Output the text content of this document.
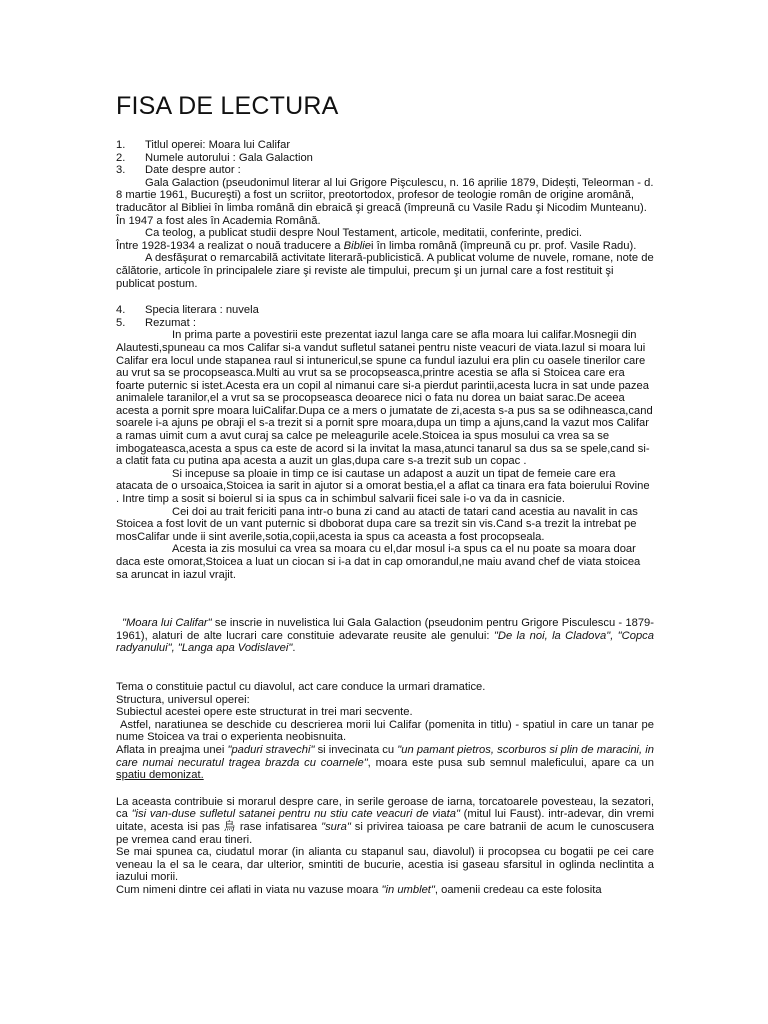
FISA DE LECTURA
1.	Titlul operei: Moara lui Califar
2.	Numele autorului : Gala Galaction
3.	Date despre autor :

Gala Galaction (pseudonimul literar al lui Grigore Pişculescu, n. 16 aprilie 1879, Didești, Teleorman - d. 8 martie 1961, Bucureşti) a fost un scriitor, preotortodox, profesor de teologie român de origine aromână, traducător al Bibliei în limba română din ebraică şi greacă (împreună cu Vasile Radu şi Nicodim Munteanu). În 1947 a fost ales în Academia Română.

Ca teolog, a publicat studii despre Noul Testament, articole, meditatii, conferinte, predici.

Între 1928-1934 a realizat o nouă traducere a Bibliei în limba română (împreună cu pr. prof. Vasile Radu).

A desfăşurat o remarcabilă activitate literară-publicistică. A publicat volume de nuvele, romane, note de călătorie, articole în principalele ziare şi reviste ale timpului, precum şi un jurnal care a fost restituit şi publicat postum.

4.	Specia literara : nuvela
5.	Rezumat :

In prima parte a povestirii este prezentat iazul langa care se afla moara lui califar.Mosnegii din Alautesti,spuneau ca mos Califar si-a vandut sufletul satanei pentru niste veacuri de viata.Iazul si moara lui Califar era locul unde stapanea raul si intunericul,se spune ca fundul iazului era plin cu oasele tinerilor care au vrut sa se procopseasca.Multi au vrut sa se procopseasca,printre acestia se afla si Stoicea care era foarte puternic si istet.Acesta era un copil al nimanui care si-a pierdut parintii,acesta lucra in sat unde pazea animalele taranilor,el a vrut sa se procopseasca deoarece nici o fata nu dorea un baiat sarac.De aceea acesta a pornit spre moara luiCalifar.Dupa ce a mers o jumatate de zi,acesta s-a pus sa se odihneasca,cand soarele i-a ajuns pe obraji el s-a trezit si a pornit spre moara,dupa un timp a ajuns,cand la vazut mos Califar a ramas uimit cum a avut curaj sa calce pe meleagurile acele.Stoicea ia spus mosului ca vrea sa se imbogateasca,acesta a spus ca este de acord si la invitat la masa,atunci tanarul sa dus sa se spele,cand si-a clatit fata cu putina apa acesta a auzit un glas,dupa care s-a trezit sub un copac .

Si incepuse sa ploaie in timp ce isi cautase un adapost a auzit un tipat de femeie care era atacata de o ursoaica,Stoicea ia sarit in ajutor si a omorat bestia,el a aflat ca tinara era fata boierului Rovine . Intre timp a sosit si boierul si ia spus ca in schimbul salvarii ficei sale i-o va da in casnicie.

Cei doi au trait fericiti pana intr-o buna zi cand au atacti de tatari cand acestia au navalit in cas Stoicea a fost lovit de un vant puternic si dboborat dupa care sa trezit sin vis.Cand s-a trezit la intrebat pe mosCalifar unde ii sint averile,sotia,copii,acesta ia spus ca aceasta a fost procopseala.

Acesta ia zis mosului ca vrea sa moara cu el,dar mosul i-a spus ca el nu poate sa moara doar daca este omorat,Stoicea a luat un ciocan si i-a dat in cap omorandul,ne maiu avand chef de viata stoicea sa aruncat in iazul vrajit.

"Moara lui Califar" se inscrie in nuvelistica lui Gala Galaction (pseudonim pentru Grigore Pisculescu - 1879-1961), alaturi de alte lucrari care constituie adevarate reusite ale genului: "De la noi, la Cladova", "Copca radyanului", "Langa apa Vodislavei".

Tema o constituie pactul cu diavolul, act care conduce la urmari dramatice.

Structura, universul operei:

Subiectul acestei opere este structurat in trei mari secvente.

Astfel, naratiunea se deschide cu descrierea morii lui Califar (pomenita in titlu) - spatiul in care un tanar pe nume Stoicea va trai o experienta neobisnuita.

Aflata in preajma unei "paduri stravechi" si invecinata cu "un pamant pietros, scorburos si plin de maracini, in care numai necuratul tragea brazda cu coarnele", moara este pusa sub semnul maleficului, apare ca un spatiu demonizat.

La aceasta contribuie si morarul despre care, in serile geroase de iarna, torcatoarele povesteau, la sezatori, ca "isi van-duse sufletul satanei pentru nu stiu cate veacuri de viata" (mitul lui Faust). intr-adevar, din vremi uitate, acesta isi pas 鳥 rase infatisarea "sura" si privirea taioasa pe care batranii de acum le cunoscusera pe vremea cand erau tineri.

Se mai spunea ca, ciudatul morar (in alianta cu stapanul sau, diavolul) ii procopsea cu bogatii pe cei care veneau la el sa le ceara, dar ulterior, smintiti de bucurie, acestia isi gaseau sfarsitul in oglinda neclintita a iazului morii.

Cum nimeni dintre cei aflati in viata nu vazuse moara "in umblet", oamenii credeau ca este folosita
